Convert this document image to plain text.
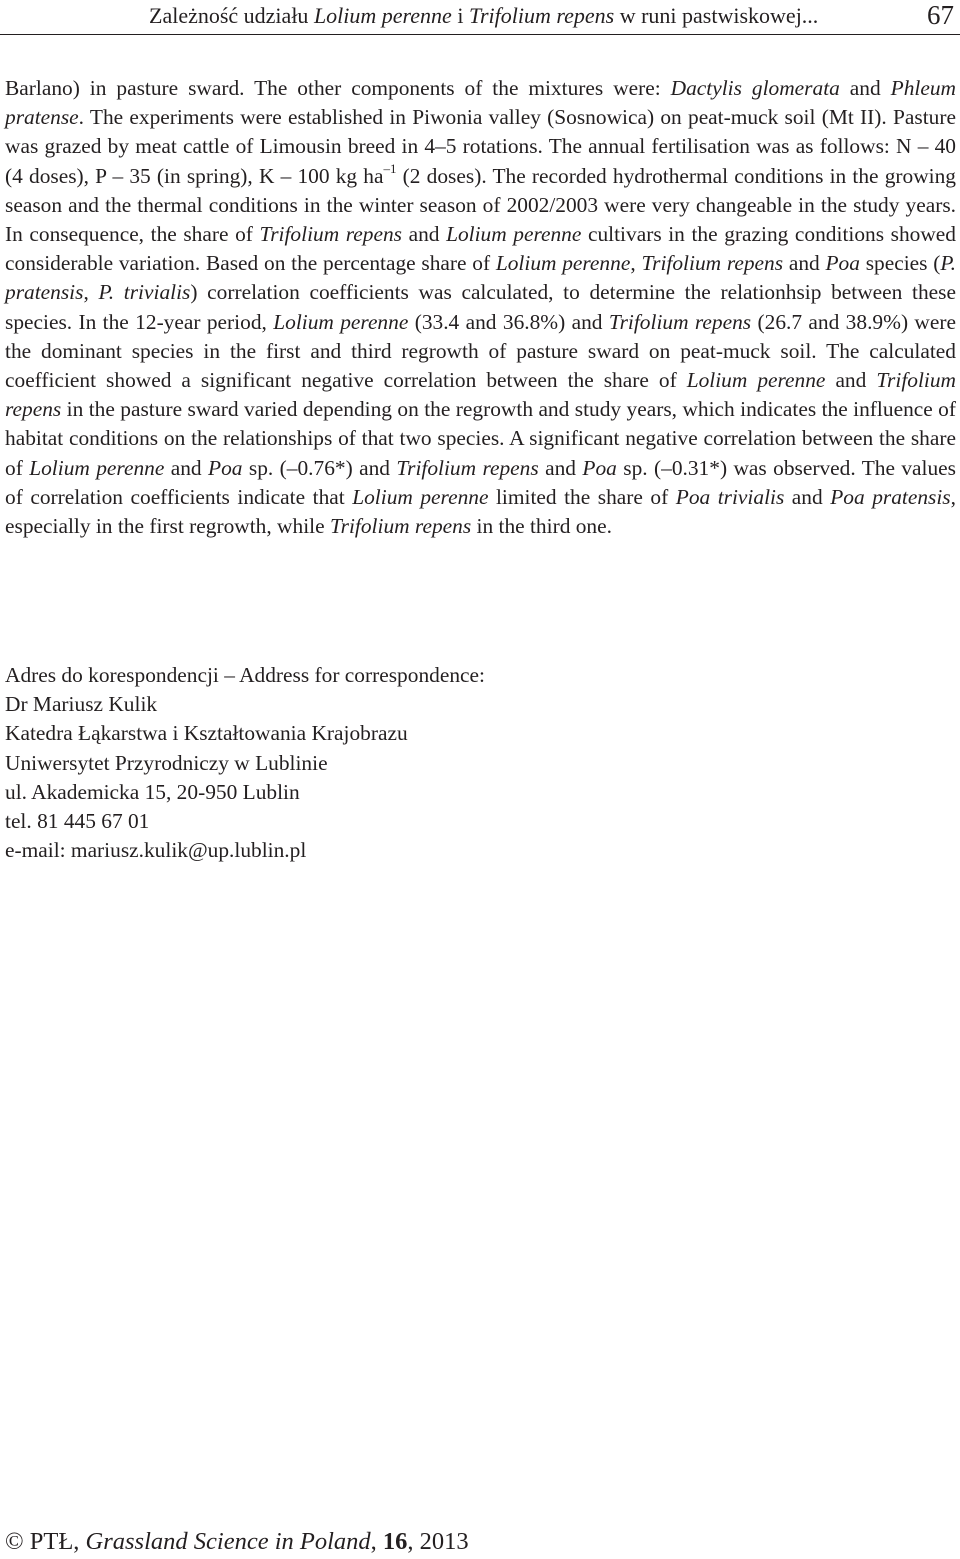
Zależność udziału Lolium perenne i Trifolium repens w runi pastwiskowej...	67
Barlano) in pasture sward. The other components of the mixtures were: Dactylis glomerata and Phleum pratense. The experiments were established in Piwonia valley (Sosnowica) on peat-muck soil (Mt II). Pasture was grazed by meat cattle of Limousin breed in 4–5 rotations. The annual fertilisation was as follows: N – 40 (4 doses), P – 35 (in spring), K – 100 kg $ha^{-1}$ (2 doses). The recorded hydrothermal conditions in the growing season and the thermal conditions in the winter season of 2002/2003 were very changeable in the study years. In consequence, the share of Trifolium repens and Lolium perenne cultivars in the grazing conditions showed considerable variation. Based on the percentage share of Lolium perenne, Trifolium repens and Poa species (P. pratensis, P. trivialis) correlation coefficients was calculated, to determine the relationhsip between these species. In the 12-year period, Lolium perenne (33.4 and 36.8%) and Trifolium repens (26.7 and 38.9%) were the dominant species in the first and third regrowth of pasture sward on peat-muck soil. The calculated coefficient showed a significant negative correlation between the share of Lolium perenne and Trifolium repens in the pasture sward varied depending on the regrowth and study years, which indicates the influence of habitat conditions on the relationships of that two species. A significant negative correlation between the share of Lolium perenne and Poa sp. (–0.76*) and Trifolium repens and Poa sp. (–0.31*) was observed. The values of correlation coefficients indicate that Lolium perenne limited the share of Poa trivialis and Poa pratensis, especially in the first regrowth, while Trifolium repens in the third one.
Adres do korespondencji – Address for correspondence:
Dr Mariusz Kulik
Katedra Łąkarstwa i Kształtowania Krajobrazu
Uniwersytet Przyrodniczy w Lublinie
ul. Akademicka 15, 20-950 Lublin
tel. 81 445 67 01
e-mail: mariusz.kulik@up.lublin.pl
© PTŁ, Grassland Science in Poland, 16, 2013
